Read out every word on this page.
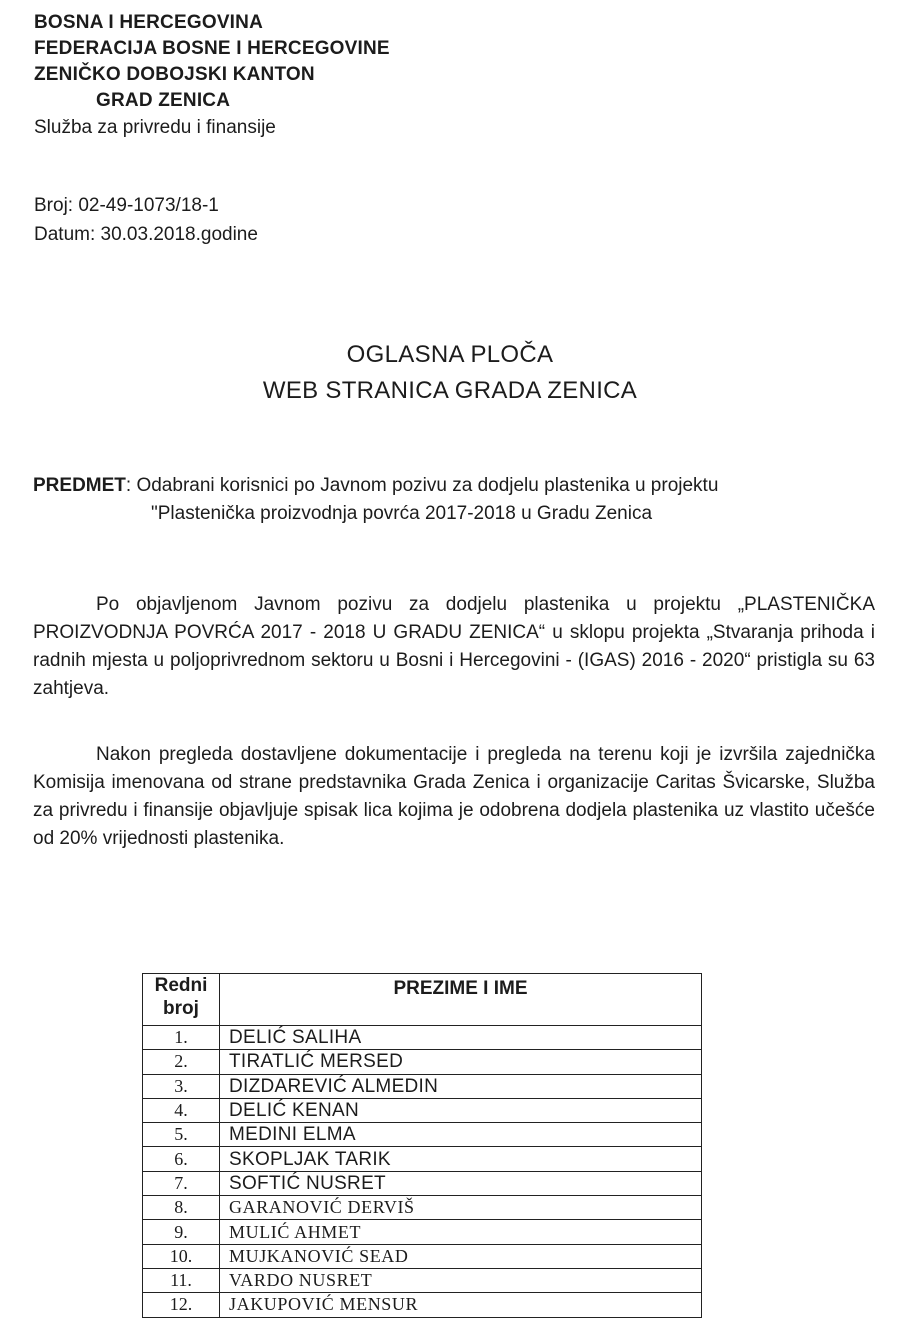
BOSNA I HERCEGOVINA
FEDERACIJA BOSNE I HERCEGOVINE
ZENIČKO DOBOJSKI KANTON
GRAD ZENICA
Služba za privredu i finansije
Broj: 02-49-1073/18-1
Datum: 30.03.2018.godine
OGLASNA PLOČA
WEB STRANICA GRADA ZENICA
PREDMET: Odabrani korisnici po Javnom pozivu za dodjelu plastenika u projektu
"Plastenička proizvodnja povrća 2017-2018 u Gradu Zenica

Po objavljenom Javnom pozivu za dodjelu plastenika u projektu „PLASTENIČKA PROIZVODNJA POVRĆA 2017 - 2018 U GRADU ZENICA“ u sklopu projekta „Stvaranja prihoda i radnih mjesta u poljoprivrednom sektoru u Bosni i Hercegovini - (IGAS) 2016 - 2020“ pristigla su 63 zahtjeva.

Nakon pregleda dostavljene dokumentacije i pregleda na terenu koji je izvršila zajednička Komisija imenovana od strane predstavnika Grada Zenica i organizacije Caritas Švicarske, Služba za privredu i finansije objavljuje spisak lica kojima je odobrena dodjela plastenika uz vlastito učešće od 20% vrijednosti plastenika.

Redni
broj	PREZIME I IME
1.	DELIĆ SALIHA
2.	TIRATLIĆ MERSED
3.	DIZDAREVIĆ ALMEDIN
4.	DELIĆ KENAN
5.	MEDINI ELMA
6.	SKOPLJAK TARIK
7.	SOFTIĆ NUSRET
8.	GARANOVIĆ DERVIŠ
9.	MULIĆ AHMET
10.	MUJKANOVIĆ SEAD
11.	VARDO NUSRET
12.	JAKUPOVIĆ MENSUR
